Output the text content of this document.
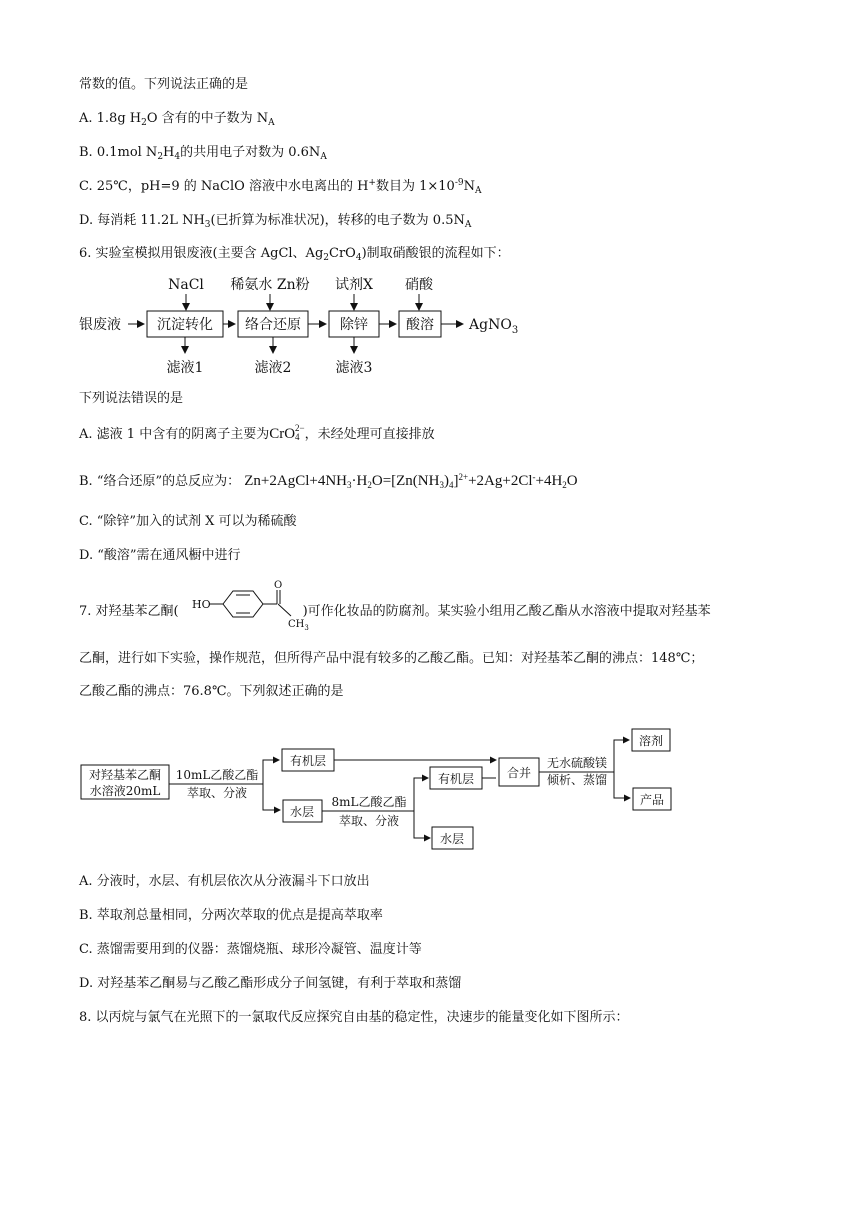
常数的值。下列说法正确的是
A. 1.8g $H_2O$ 含有的中子数为 $N_A$
B. 0.1mol $N_2H_4$的共用电子对数为 $0.6N_A$
C. 25℃，pH=9 的 NaClO 溶液中水电离出的 H+数目为 $1\times 10^{-9}N_A$
D. 每消耗 11.2L $NH_3$(已折算为标准状况)，转移的电子数为 $0.5N_A$
6. 实验室模拟用银废液(主要含 AgCl、$Ag_2CrO_4$)制取硝酸银的流程如下：
NaCl 稀氨水 Zn粉 试剂X 硝酸
银废液	沉淀转化 络合还原	除锌	酸溶	AgNO$_3$
滤液1	滤液2	滤液3
下列说法错误的是
A. 滤液 1 中含有的阴离子主要为CrO 2−
4 ，未经处理可直接排放
B. “络合还原”的总反应为： $Zn+2AgCl+4NH_3\cdot H_2O=[Zn(NH_3)_4]^{2+}+2Ag+2Cl^-+4H_2O$
C. “除锌”加入的试剂 X 可以为稀硫酸
D. “酸溶”需在通风橱中进行
7. 对羟基苯乙酮(	)可作化妆品的防腐剂。某实验小组用乙酸乙酯从水溶液中提取对羟基苯
HO
O
$CH_3$
乙酮，进行如下实验，操作规范，但所得产品中混有较多的乙酸乙酯。已知：对羟基苯乙酮的沸点：148℃；
乙酸乙酯的沸点：76.8℃。下列叙述正确的是
对羟基苯乙酮
水溶液20mL
10mL乙酸乙酯
萃取、分液
有机层
水层
8mL乙酸乙酯
萃取、分液
有机层
水层
合并
无水硫酸镁
倾析、蒸馏
溶剂
产品
A. 分液时，水层、有机层依次从分液漏斗下口放出
B. 萃取剂总量相同，分两次萃取的优点是提高萃取率
C. 蒸馏需要用到的仪器：蒸馏烧瓶、球形冷凝管、温度计等
D. 对羟基苯乙酮易与乙酸乙酯形成分子间氢键，有利于萃取和蒸馏
8. 以丙烷与氯气在光照下的一氯取代反应探究自由基的稳定性，决速步的能量变化如下图所示：
